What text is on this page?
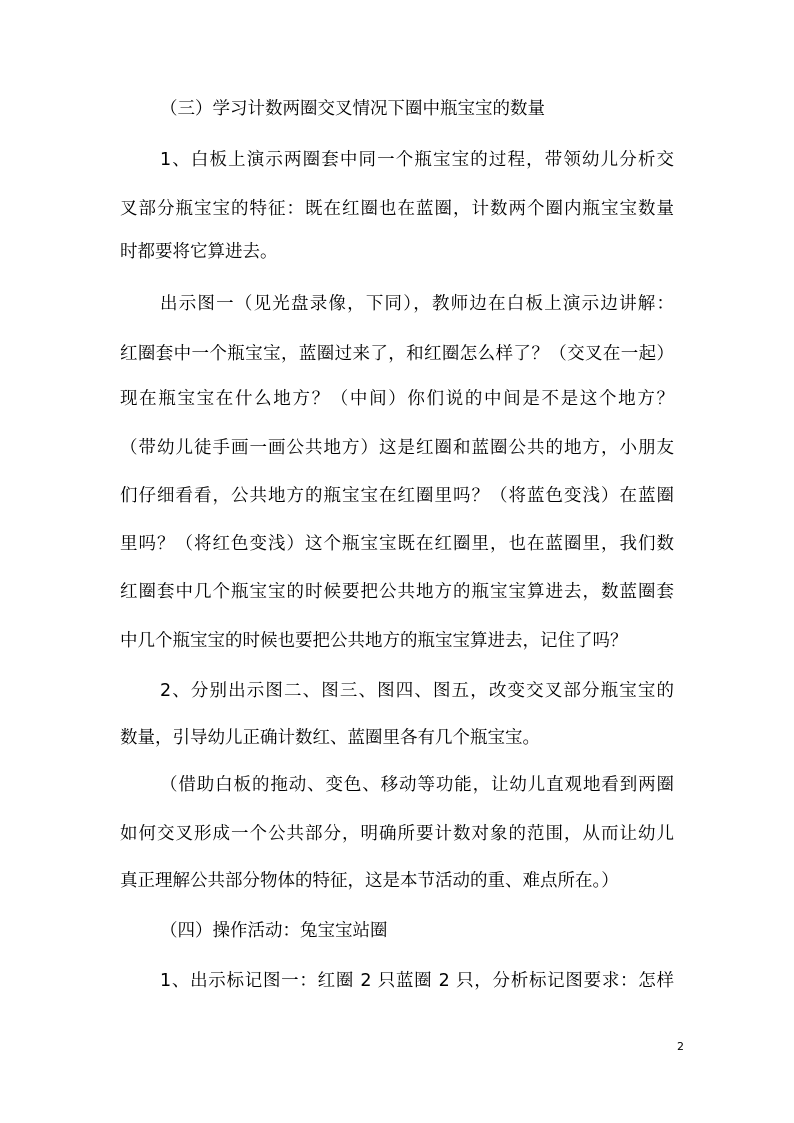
（三）学习计数两圈交叉情况下圈中瓶宝宝的数量
1、白板上演示两圈套中同一个瓶宝宝的过程，带领幼儿分析交
叉部分瓶宝宝的特征：既在红圈也在蓝圈，计数两个圈内瓶宝宝数量
时都要将它算进去。
出示图一（见光盘录像，下同），教师边在白板上演示边讲解：
红圈套中一个瓶宝宝，蓝圈过来了，和红圈怎么样了？（交叉在一起）
现在瓶宝宝在什么地方？（中间）你们说的中间是不是这个地方？
（带幼儿徒手画一画公共地方）这是红圈和蓝圈公共的地方，小朋友
们仔细看看，公共地方的瓶宝宝在红圈里吗？（将蓝色变浅）在蓝圈
里吗？（将红色变浅）这个瓶宝宝既在红圈里，也在蓝圈里，我们数
红圈套中几个瓶宝宝的时候要把公共地方的瓶宝宝算进去，数蓝圈套
中几个瓶宝宝的时候也要把公共地方的瓶宝宝算进去，记住了吗？
2、分别出示图二、图三、图四、图五，改变交叉部分瓶宝宝的
数量，引导幼儿正确计数红、蓝圈里各有几个瓶宝宝。
（借助白板的拖动、变色、移动等功能，让幼儿直观地看到两圈
如何交叉形成一个公共部分，明确所要计数对象的范围，从而让幼儿
真正理解公共部分物体的特征，这是本节活动的重、难点所在。）
（四）操作活动：兔宝宝站圈
1、出示标记图一：红圈 2 只蓝圈 2 只，分析标记图要求：怎样
2
